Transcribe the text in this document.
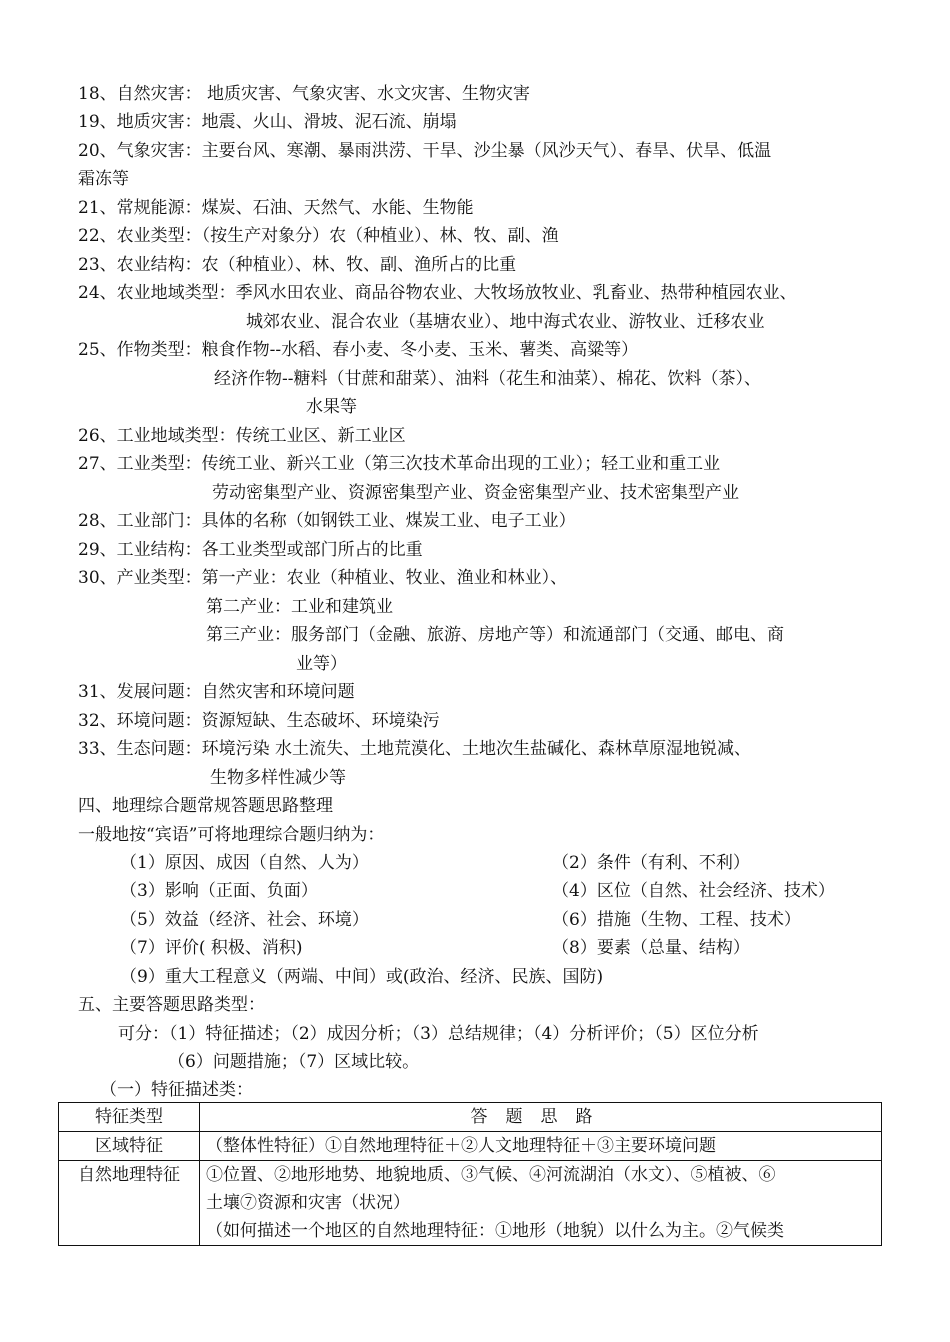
18、自然灾害： 地质灾害、气象灾害、水文灾害、生物灾害
19、地质灾害：地震、火山、滑坡、泥石流、崩塌
20、气象灾害：主要台风、寒潮、暴雨洪涝、干旱、沙尘暴（风沙天气）、春旱、伏旱、低温
霜冻等
21、常规能源：煤炭、石油、天然气、水能、生物能
22、农业类型：（按生产对象分）农（种植业）、林、牧、副、渔
23、农业结构：农（种植业）、林、牧、副、渔所占的比重
24、农业地域类型：季风水田农业、商品谷物农业、大牧场放牧业、乳畜业、热带种植园农业、
城郊农业、混合农业（基塘农业）、地中海式农业、游牧业、迁移农业
25、作物类型：粮食作物--水稻、春小麦、冬小麦、玉米、薯类、高粱等）
经济作物--糖料（甘蔗和甜菜）、油料（花生和油菜）、棉花、饮料（茶）、
水果等
26、工业地域类型：传统工业区、新工业区
27、工业类型：传统工业、新兴工业（第三次技术革命出现的工业）；轻工业和重工业
劳动密集型产业、资源密集型产业、资金密集型产业、技术密集型产业
28、工业部门：具体的名称（如钢铁工业、煤炭工业、电子工业）
29、工业结构：各工业类型或部门所占的比重
30、产业类型：第一产业：农业（种植业、牧业、渔业和林业）、
第二产业：工业和建筑业
第三产业：服务部门（金融、旅游、房地产等）和流通部门（交通、邮电、商
业等）
31、发展问题：自然灾害和环境问题
32、环境问题：资源短缺、生态破坏、环境染污
33、生态问题：环境污染 水土流失、土地荒漠化、土地次生盐碱化、森林草原湿地锐减、
生物多样性减少等
四、地理综合题常规答题思路整理
一般地按“宾语”可将地理综合题归纳为：
（1）原因、成因（自然、人为）	（2）条件（有利、不利）
（3）影响（正面、负面）	（4）区位（自然、社会经济、技术）
（5）效益（经济、社会、环境）	（6）措施（生物、工程、技术）
（7）评价( 积极、消积)	（8）要素（总量、结构）
（9）重大工程意义（两端、中间）或(政治、经济、民族、国防)
五、主要答题思路类型：
可分：（1）特征描述；（2）成因分析；（3）总结规律；（4）分析评价；（5）区位分析
（6）问题措施；（7）区域比较。
（一）特征描述类：
特征类型	答题思路
区域特征	（整体性特征）①自然地理特征＋②人文地理特征＋③主要环境问题
自然地理特征	①位置、②地形地势、地貌地质、③气候、④河流湖泊（水文）、⑤植被、⑥
土壤⑦资源和灾害（状况）
（如何描述一个地区的自然地理特征：①地形（地貌）以什么为主。②气候类
